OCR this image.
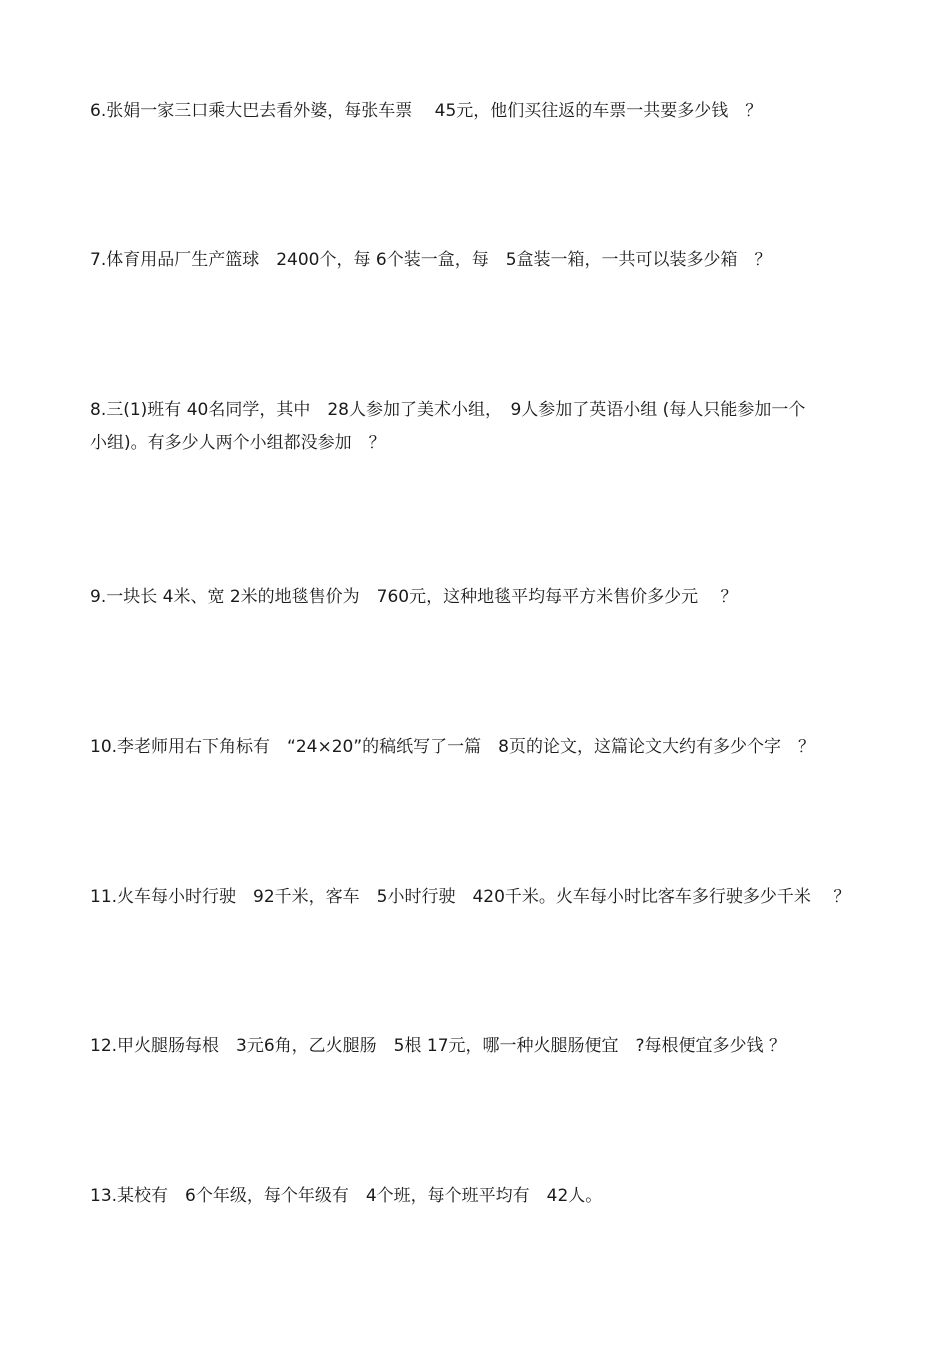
6.张娟一家三口乘大巴去看外婆，每张车票　 45元，他们买往返的车票一共要多少钱　？
7.体育用品厂生产篮球　2400个，每 6个装一盒，每　5盒装一箱，一共可以装多少箱　？
8.三(1)班有 40名同学，其中　28人参加了美术小组，　9人参加了英语小组 (每人只能参加一个
小组)。有多少人两个小组都没参加　？
9.一块长 4米、宽 2米的地毯售价为　760元，这种地毯平均每平方米售价多少元　 ？
10.李老师用右下角标有　“24×20”的稿纸写了一篇　8页的论文，这篇论文大约有多少个字　？
11.火车每小时行驶　92千米，客车　5小时行驶　420千米。火车每小时比客车多行驶多少千米　 ？
12.甲火腿肠每根　3元6角，乙火腿肠　5根 17元，哪一种火腿肠便宜　?每根便宜多少钱 ？
13.某校有　6个年级，每个年级有　4个班，每个班平均有　42人。
